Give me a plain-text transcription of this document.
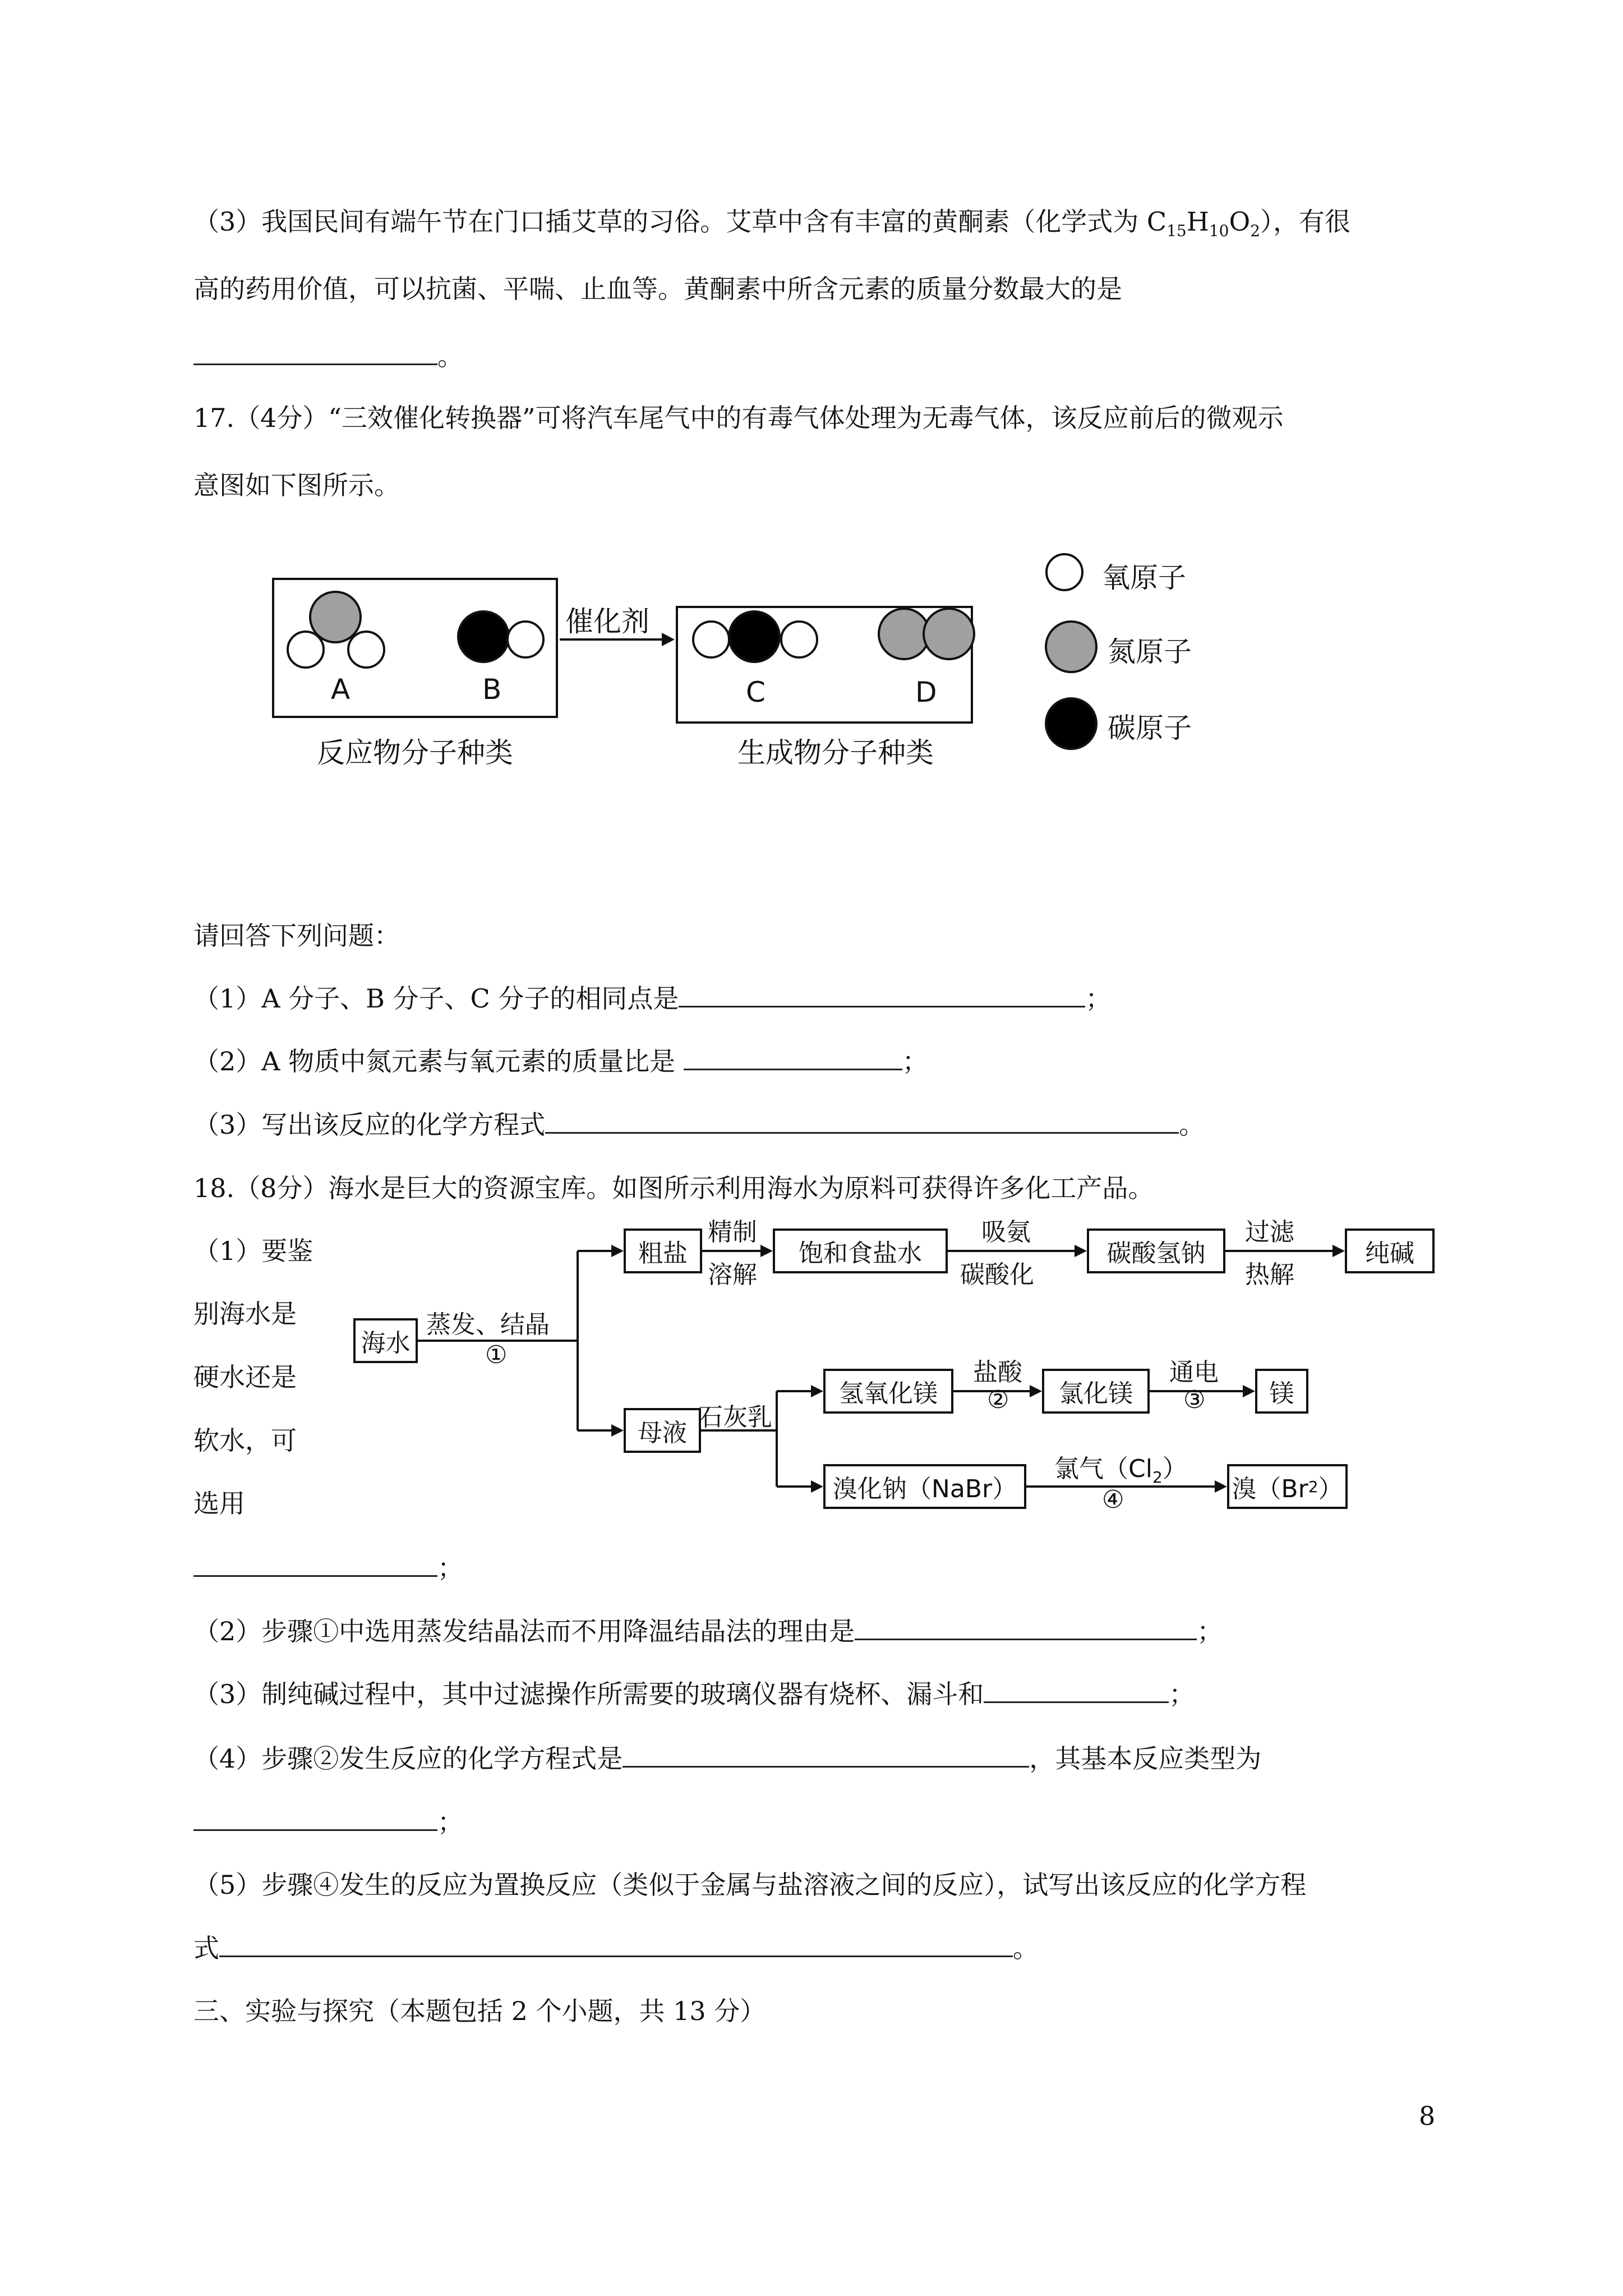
（3）我国民间有端午节在门口插艾草的习俗。艾草中含有丰富的黄酮素（化学式为 $C_{15}H_{10}O_2$），有很
高的药用价值，可以抗菌、平喘、止血等。黄酮素中所含元素的质量分数最大的是
。
17.（4分）“三效催化转换器”可将汽车尾气中的有毒气体处理为无毒气体，该反应前后的微观示
意图如下图所示。
A	B	C	D
催化剂
反应物分子种类	生成物分子种类
氧原子
氮原子
碳原子
请回答下列问题：
（1）A 分子、B 分子、C 分子的相同点是	；
（2）A 物质中氮元素与氧元素的质量比是	；
（3）写出该反应的化学方程式	。
18.（8分）海水是巨大的资源宝库。如图所示利用海水为原料可获得许多化工产品。
（1）要鉴
别海水是
硬水还是
软水，可
选用
；
海水
蒸发、结晶
①
粗盐
精制
溶解
饱和食盐水
吸氨
碳酸化
碳酸氢钠
过滤
热解
纯碱
母液
石灰乳
氢氧化镁
盐酸
②	氯化镁
通电
③	镁
溴化钠（NaBr）
氯气$(Cl_2)$
④	溴（Br 2 ）
（2）步骤①中选用蒸发结晶法而不用降温结晶法的理由是	；
（3）制纯碱过程中，其中过滤操作所需要的玻璃仪器有烧杯、漏斗和	；
（4）步骤②发生反应的化学方程式是	，其基本反应类型为
；
（5）步骤④发生的反应为置换反应（类似于金属与盐溶液之间的反应），试写出该反应的化学方程
式	。
三、实验与探究（本题包括 2 个小题，共 13 分）
8
